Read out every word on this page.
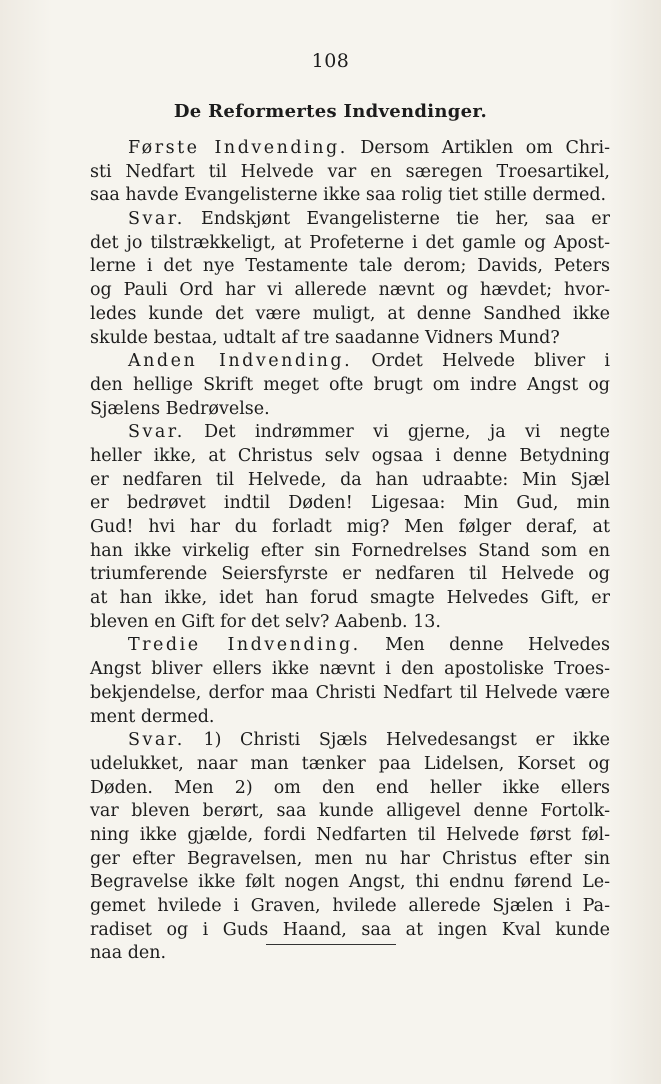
108
De Reformertes Indvendinger.
Første Indvending. Dersom Artiklen om Chri-
sti Nedfart til Helvede var en særegen Troesartikel,
saa havde Evangelisterne ikke saa rolig tiet stille dermed.
Svar. Endskjønt Evangelisterne tie her, saa er
det jo tilstrækkeligt, at Profeterne i det gamle og Apost-
lerne i det nye Testamente tale derom; Davids, Peters
og Pauli Ord har vi allerede nævnt og hævdet; hvor-
ledes kunde det være muligt, at denne Sandhed ikke
skulde bestaa, udtalt af tre saadanne Vidners Mund?
Anden Indvending. Ordet Helvede bliver i
den hellige Skrift meget ofte brugt om indre Angst og
Sjælens Bedrøvelse.
Svar. Det indrømmer vi gjerne, ja vi negte
heller ikke, at Christus selv ogsaa i denne Betydning
er nedfaren til Helvede, da han udraabte: Min Sjæl
er bedrøvet indtil Døden! Ligesaa: Min Gud, min
Gud! hvi har du forladt mig? Men følger deraf, at
han ikke virkelig efter sin Fornedrelses Stand som en
triumferende Seiersfyrste er nedfaren til Helvede og
at han ikke, idet han forud smagte Helvedes Gift, er
bleven en Gift for det selv? Aabenb. 13.
Tredie Indvending. Men denne Helvedes
Angst bliver ellers ikke nævnt i den apostoliske Troes-
bekjendelse, derfor maa Christi Nedfart til Helvede være
ment dermed.
Svar. 1) Christi Sjæls Helvedesangst er ikke
udelukket, naar man tænker paa Lidelsen, Korset og
Døden. Men 2) om den end heller ikke ellers
var bleven berørt, saa kunde alligevel denne Fortolk-
ning ikke gjælde, fordi Nedfarten til Helvede først føl-
ger efter Begravelsen, men nu har Christus efter sin
Begravelse ikke følt nogen Angst, thi endnu førend Le-
gemet hvilede i Graven, hvilede allerede Sjælen i Pa-
radiset og i Guds Haand, saa at ingen Kval kunde
naa den.
